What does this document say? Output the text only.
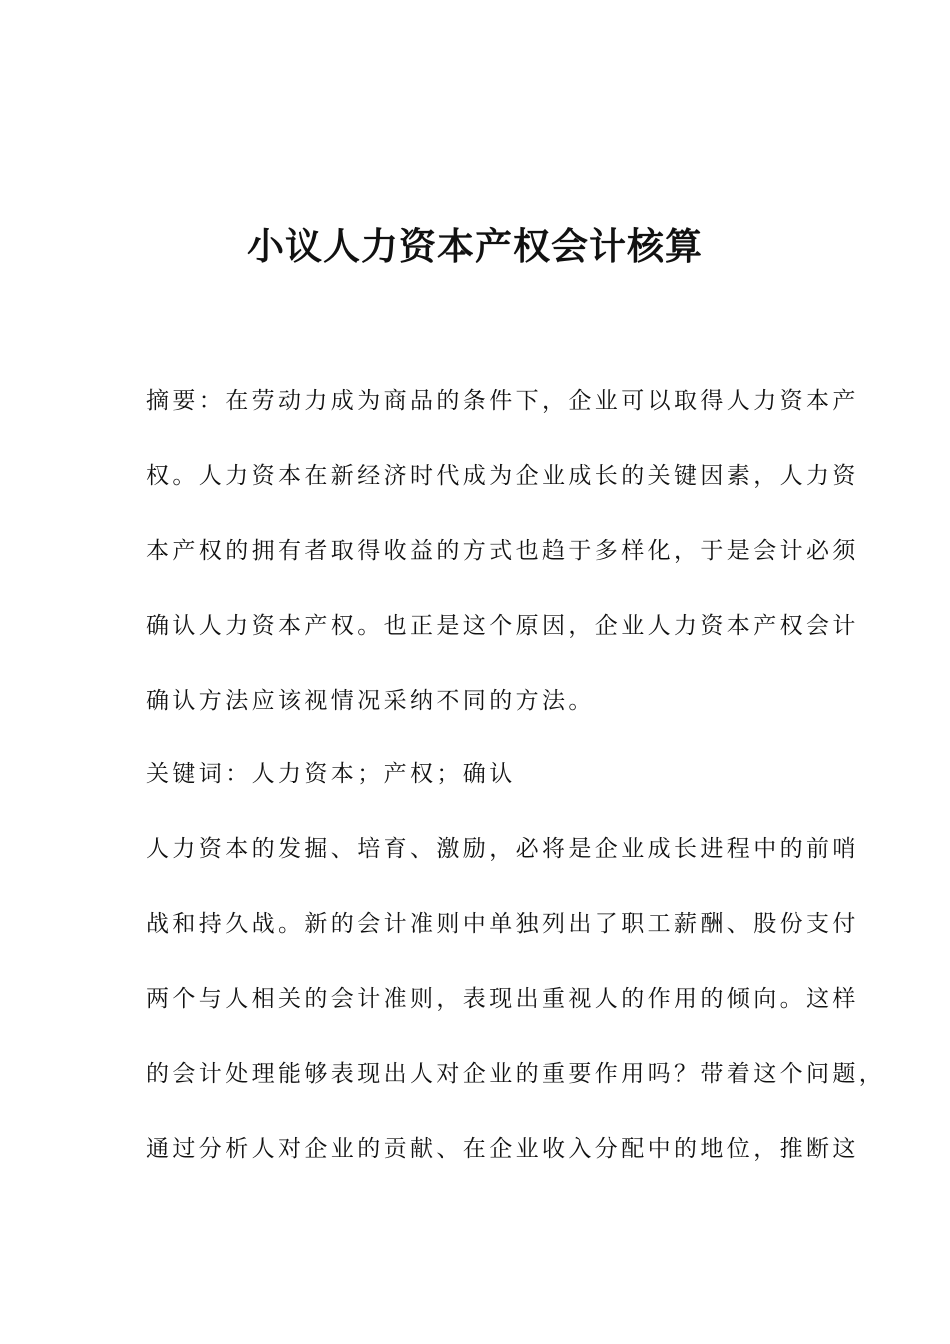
小议人力资本产权会计核算

摘要：在劳动力成为商品的条件下，企业可以取得人力资本产

权。人力资本在新经济时代成为企业成长的关键因素，人力资

本产权的拥有者取得收益的方式也趋于多样化，于是会计必须

确认人力资本产权。也正是这个原因，企业人力资本产权会计

确认方法应该视情况采纳不同的方法。

关键词：人力资本；产权；确认

人力资本的发掘、培育、激励，必将是企业成长进程中的前哨

战和持久战。新的会计准则中单独列出了职工薪酬、股份支付

两个与人相关的会计准则，表现出重视人的作用的倾向。这样

的会计处理能够表现出人对企业的重要作用吗？带着这个问题，

通过分析人对企业的贡献、在企业收入分配中的地位，推断这
